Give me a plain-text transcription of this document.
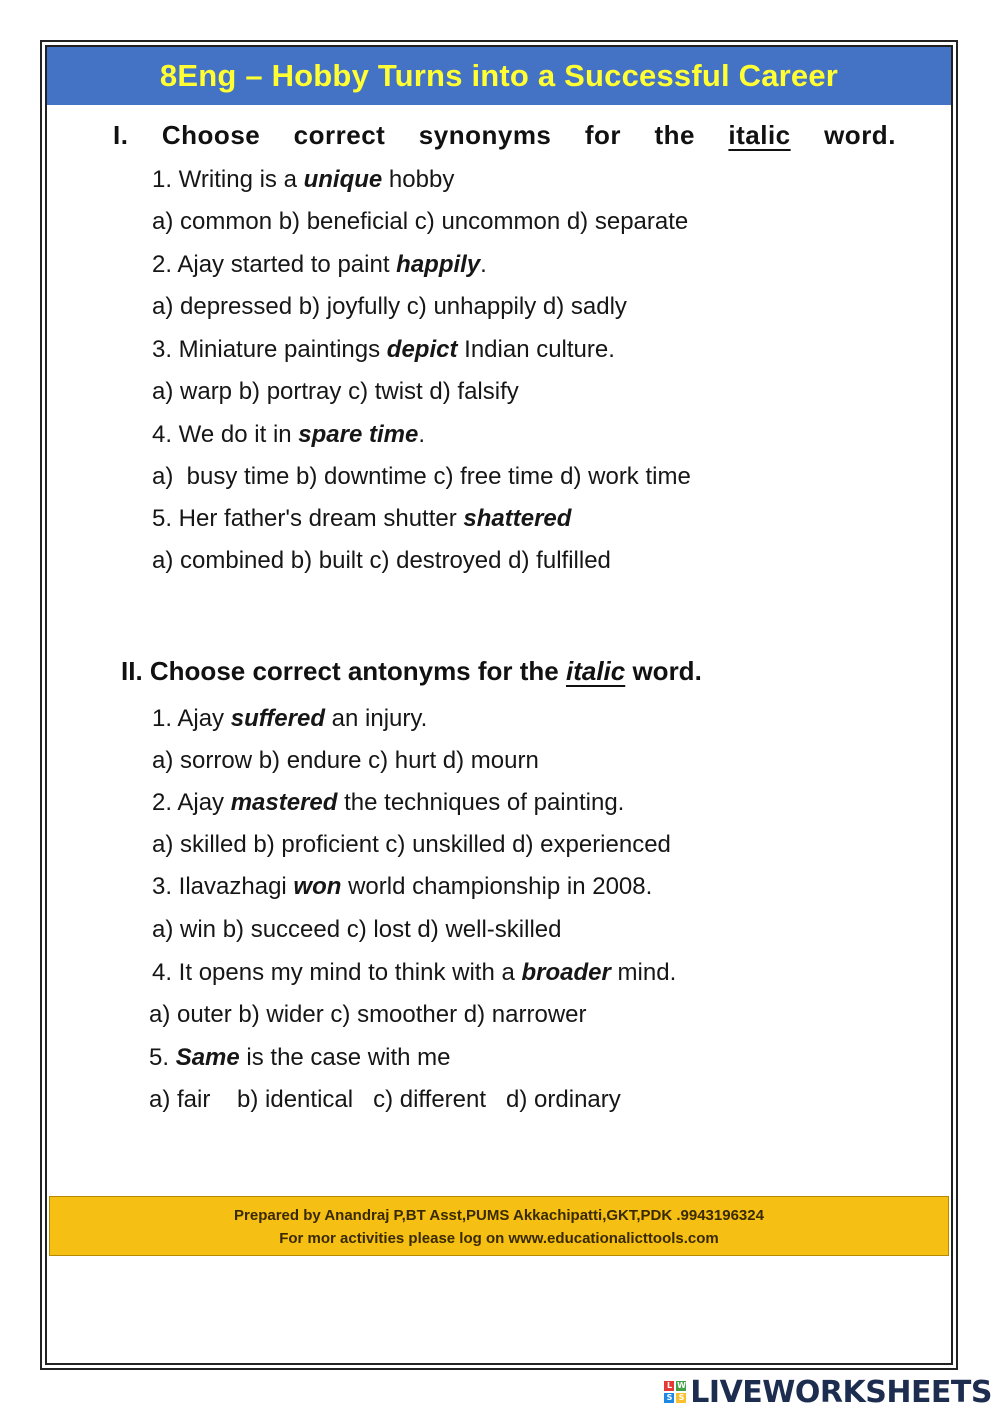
8Eng – Hobby Turns into a Successful Career
I.  Choose  correct  synonyms  for  the  italic  word.
1. Writing is a unique hobby
a) common b) beneficial c) uncommon d) separate
2. Ajay started to paint happily.
a) depressed b) joyfully c) unhappily d) sadly
3. Miniature paintings depict Indian culture.
a) warp b) portray c) twist d) falsify
4. We do it in spare time.
a)  busy time b) downtime c) free time d) work time
5. Her father's dream shutter shattered
a) combined b) built c) destroyed d) fulfilled
II. Choose correct antonyms for the italic word.
1. Ajay suffered an injury.
a) sorrow b) endure c) hurt d) mourn
2. Ajay mastered the techniques of painting.
a) skilled b) proficient c) unskilled d) experienced
3. Ilavazhagi won world championship in 2008.
a) win b) succeed c) lost d) well-skilled
4. It opens my mind to think with a broader mind.
a) outer b) wider c) smoother d) narrower
5. Same is the case with me
a) fair    b) identical   c) different   d) ordinary
Prepared by Anandraj P,BT Asst,PUMS Akkachipatti,GKT,PDK .9943196324
For mor activities please log on www.educationalicttools.com
L W
S S LIVEWORKSHEETS
